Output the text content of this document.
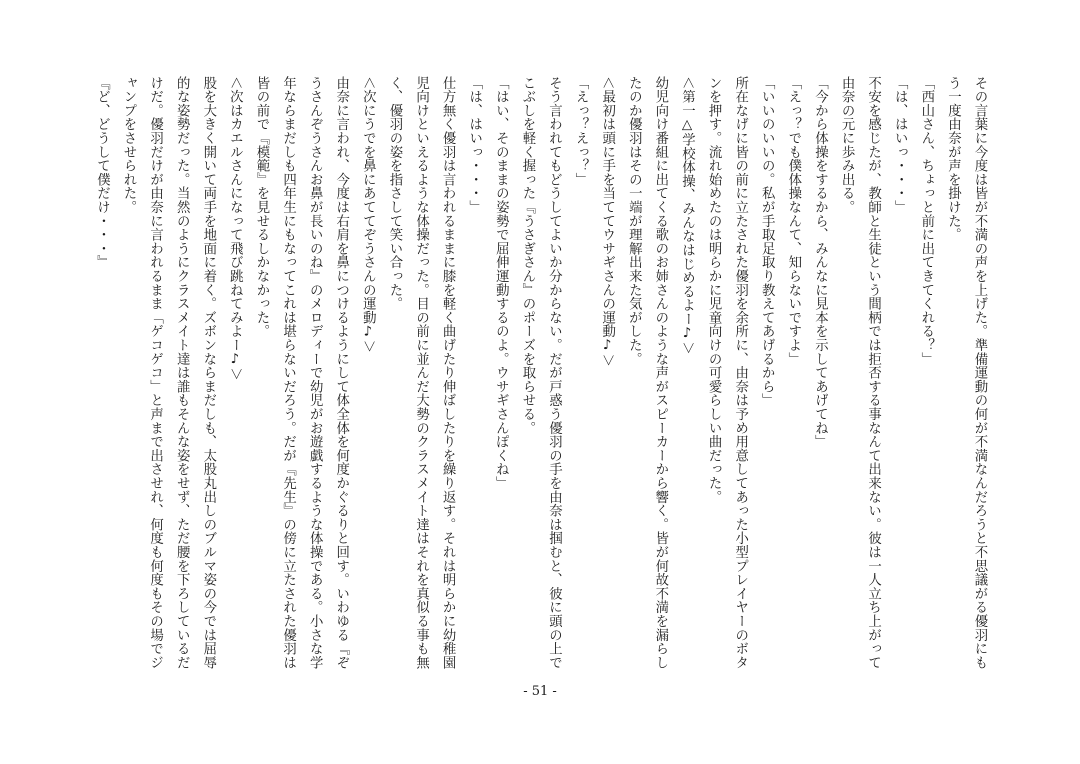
その言葉に今度は皆が不満の声を上げた。準備運動の何が不満なんだろうと不思議がる優羽にもう一度由奈が声を掛けた。

「西山さん、ちょっと前に出てきてくれる？」

「は、はいっ・・・」

不安を感じたが、教師と生徒という間柄では拒否する事なんて出来ない。彼は一人立ち上がって由奈の元に歩み出る。

「今から体操をするから、みんなに見本を示してあげてね」

「えっ？でも僕体操なんて、知らないですよ」

「いいのいいの。私が手取足取り教えてあげるから」

所在なげに皆の前に立たされた優羽を余所に、由奈は予め用意してあった小型プレイヤーのボタンを押す。流れ始めたのは明らかに児童向けの可愛らしい曲だった。

＜第一△学校体操、みんなはじめるよー♪＞

幼児向け番組に出てくる歌のお姉さんのような声がスピーカーから響く。皆が何故不満を漏らしたのか優羽はその一端が理解出来た気がした。

＜最初は頭に手を当ててウサギさんの運動♪＞

「えっ？えっ？」

そう言われてもどうしてよいか分からない。だが戸惑う優羽の手を由奈は掴むと、彼に頭の上でこぶしを軽く握った『うさぎさん』のポーズを取らせる。

「はい、そのままの姿勢で屈伸運動するのよ。ウサギさんぽくね」

「は、はいっ・・・」

仕方無く優羽は言われるままに膝を軽く曲げたり伸ばしたりを繰り返す。それは明らかに幼稚園児向けといえるような体操だった。目の前に並んだ大勢のクラスメイト達はそれを真似る事も無く、優羽の姿を指さして笑い合った。

＜次にうでを鼻にあててぞうさんの運動♪＞

由奈に言われ、今度は右肩を鼻につけるようにして体全体を何度かぐるりと回す。いわゆる『ぞうさんぞうさんお鼻が長いのね』のメロディーで幼児がお遊戯するような体操である。小さな学年ならまだしも四年生にもなってこれは堪らないだろう。だが『先生』の傍に立たされた優羽は皆の前で『模範』を見せるしかなかった。

＜次はカエルさんになって飛び跳ねてみよー♪＞

股を大きく開いて両手を地面に着く。ズボンならまだしも、太股丸出しのブルマ姿の今では屈辱的な姿勢だった。当然のようにクラスメイト達は誰もそんな姿をせず、ただ腰を下ろしているだけだ。優羽だけが由奈に言われるまま「ゲコゲコ」と声まで出させれ、何度も何度もその場でジャンプをさせられた。

『ど、どうして僕だけ・・・』

- 51 -
